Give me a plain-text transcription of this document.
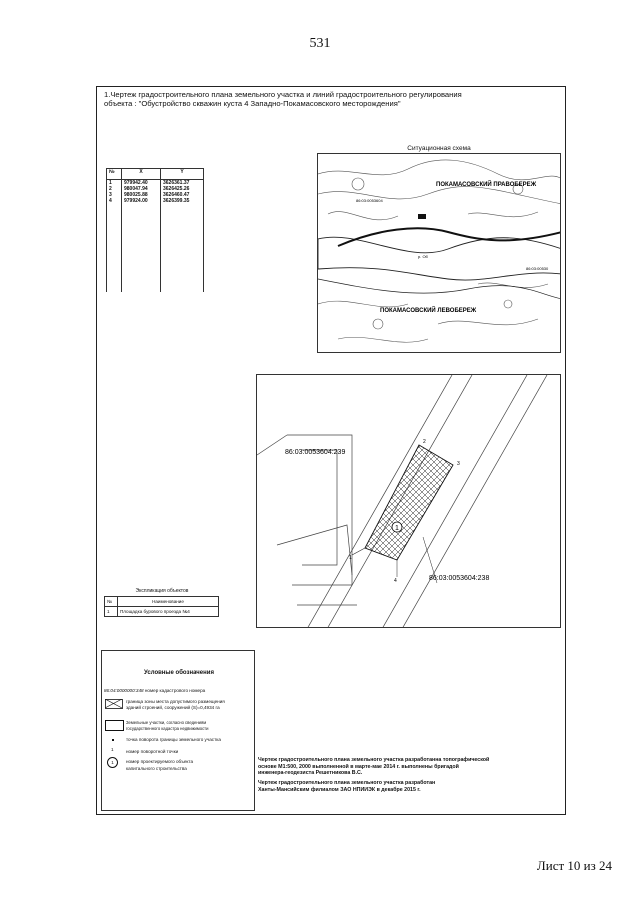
531
1.Чертеж градостроительного плана земельного участка и линий градостроительного регулирования
объекта : "Обустройство скважин куста 4 Западно-Покамасовского месторождения"
№	X	Y
1	979942.40	3626361.37
2	980047.94	3626425.26
3	980025.88	3626460.47
4	979924.00	3626399.35

Ситуационная схема
ПОКАМАСОВСКИЙ ПРАВОБЕРЕЖ
ПОКАМАСОВСКИЙ ЛЕВОБЕРЕЖ
86:03:0053604
86:03:00530
р. Об
1
1
2
3
4
86:03:0053604:239
86:03:0053604:238
Экспликация объектов
№	Наименование
1	Площадка бурового проезда №4
Условные обозначения
86:04:0000000:348 номер кадастрового номера
граница зоны места допустимого размещения
зданий строений, сооружений (S)=0,4934 га
Земельные участки, согласно сведениям
государственного кадастра недвижимости
точка поворота границы земельного участка
1	номер поворотной точки
1	номер проектируемого объекта
капитального строительства
Чертеж градостроительного плана земельного участка разработанна топографической
основе М1:500, 2000 выполненной в марте-мае 2014 г. выполнены бригадой
инженера-геодезиста Решетникова В.С.
Чертеж градостроительного плана земельного участка разработан
Ханты-Мансийским филиалом ЗАО НПИИЭК в декабре 2015 г.
Лист 10 из 24
